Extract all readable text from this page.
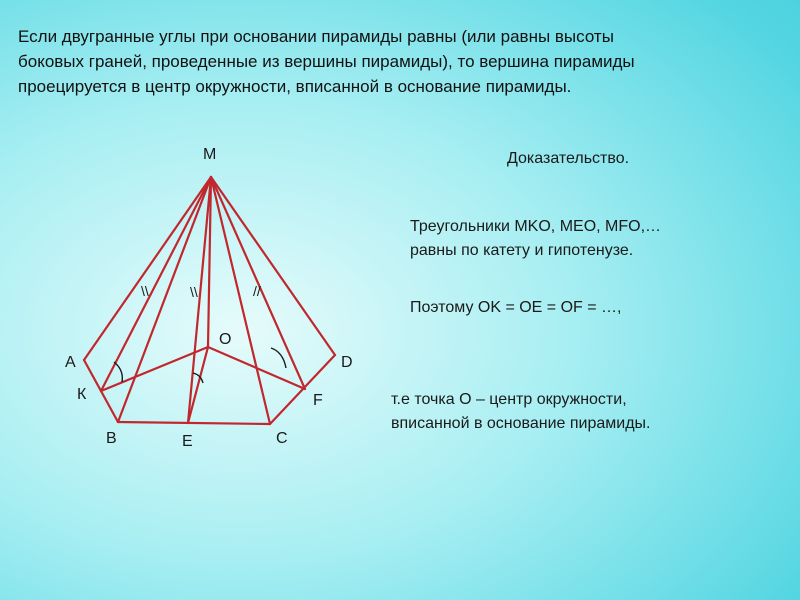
Если двугранные углы при основании пирамиды равны (или равны высоты
боковых граней, проведенные из вершины пирамиды), то вершина пирамиды
проецируется в центр окружности, вписанной в основание пирамиды.
\\	\\	//
M
A
К
B	E	C
F
D
O
Доказательство.
Треугольники MKO, MEO, MFO,…
равны по катету и гипотенузе.
Поэтому OK = OE = OF = …,
т.е точка О – центр окружности,
вписанной в основание пирамиды.
